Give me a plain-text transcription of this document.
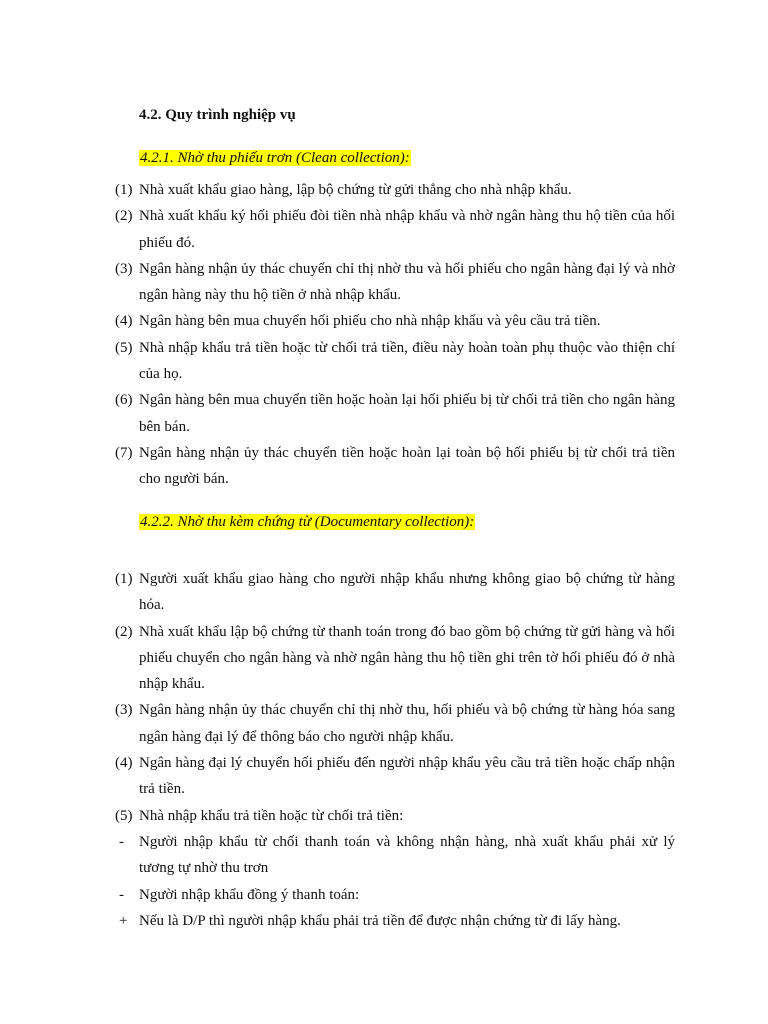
4.2. Quy trình nghiệp vụ
4.2.1. Nhờ thu phiếu trơn (Clean collection):
(1) Nhà xuất khẩu giao hàng, lập bộ chứng từ gửi thẳng cho nhà nhập khẩu.
(2) Nhà xuất khẩu ký hối phiếu đòi tiền nhà nhập khẩu và nhờ ngân hàng thu hộ tiền của hối phiếu đó.
(3) Ngân hàng nhận ủy thác chuyển chỉ thị nhờ thu và hối phiếu cho ngân hàng đại lý và nhờ ngân hàng này thu hộ tiền ở nhà nhập khẩu.
(4) Ngân hàng bên mua chuyển hối phiếu cho nhà nhập khẩu và yêu cầu trả tiền.
(5) Nhà nhập khẩu trả tiền hoặc từ chối trả tiền, điều này hoàn toàn phụ thuộc vào thiện chí của họ.
(6) Ngân hàng bên mua chuyển tiền hoặc hoàn lại hối phiếu bị từ chối trả tiền cho ngân hàng bên bán.
(7) Ngân hàng nhận ủy thác chuyển tiền hoặc hoàn lại toàn bộ hối phiếu bị từ chối trả tiền cho người bán.
4.2.2. Nhờ thu kèm chứng từ (Documentary collection):
(1) Người xuất khẩu giao hàng cho người nhập khẩu nhưng không giao bộ chứng từ hàng hóa.
(2) Nhà xuất khẩu lập bộ chứng từ thanh toán trong đó bao gồm bộ chứng từ gửi hàng và hối phiếu chuyển cho ngân hàng và nhờ ngân hàng thu hộ tiền ghi trên tờ hối phiếu đó ở nhà nhập khẩu.
(3) Ngân hàng nhận ủy thác chuyển chỉ thị nhờ thu, hối phiếu và bộ chứng từ hàng hóa sang ngân hàng đại lý để thông báo cho người nhập khẩu.
(4) Ngân hàng đại lý chuyển hối phiếu đến người nhập khẩu yêu cầu trả tiền hoặc chấp nhận trả tiền.
(5) Nhà nhập khẩu trả tiền hoặc từ chối trả tiền:
-	Người nhập khẩu từ chối thanh toán và không nhận hàng, nhà xuất khẩu phải xử lý tương tự nhờ thu trơn
-	Người nhập khẩu đồng ý thanh toán:
+ Nếu là D/P thì người nhập khẩu phải trả tiền để được nhận chứng từ đi lấy hàng.
